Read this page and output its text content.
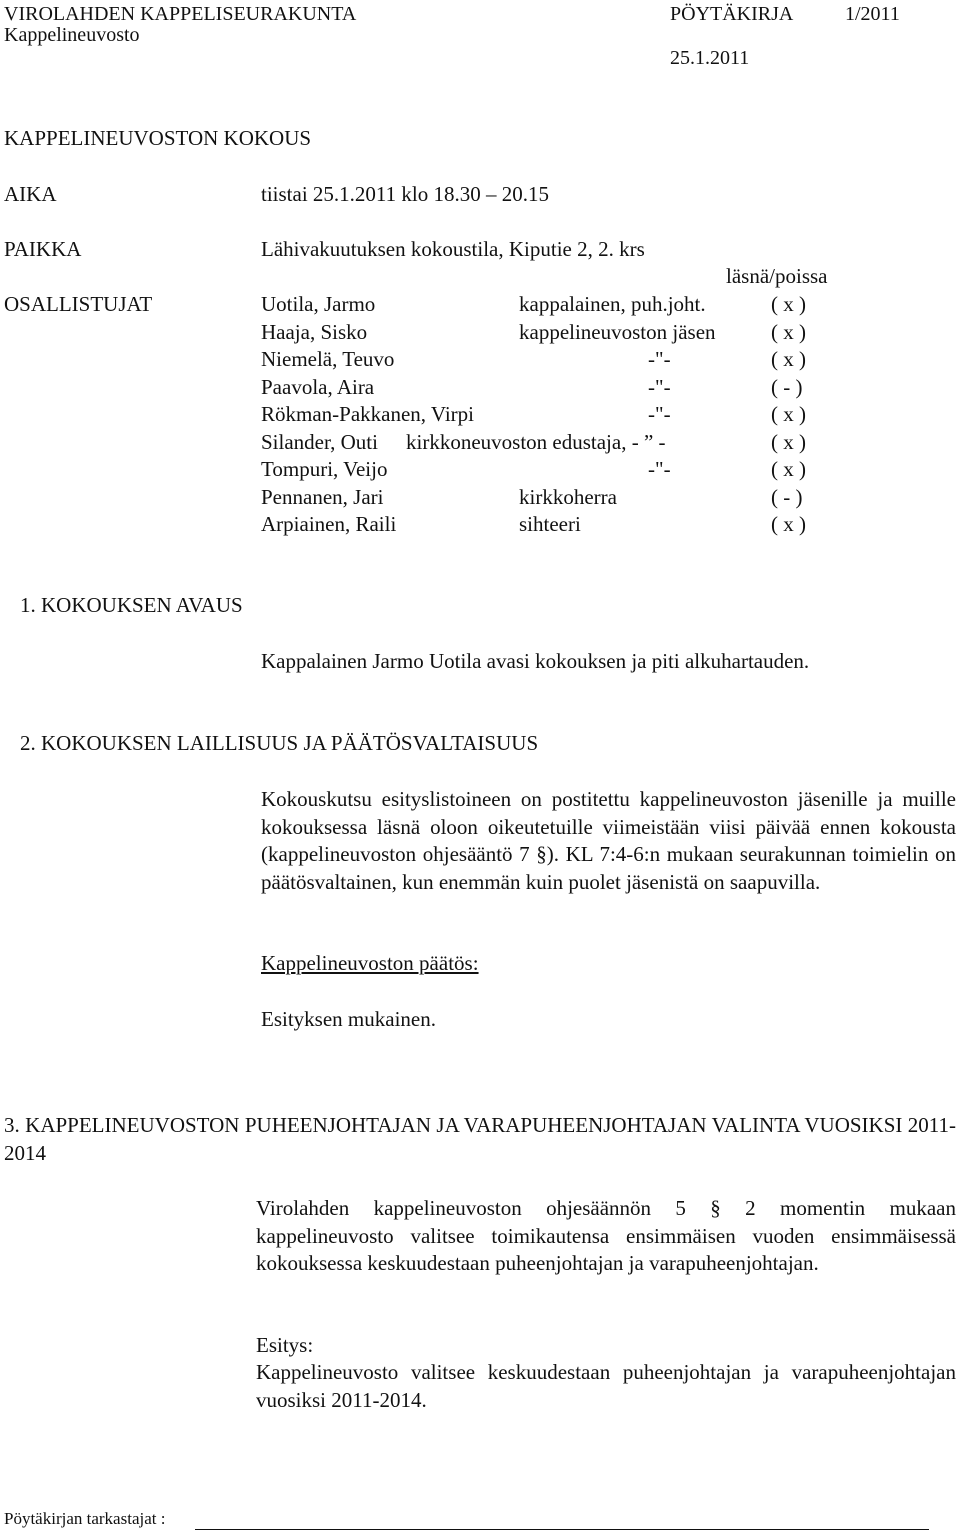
VIROLAHDEN KAPPELISEURAKUNTA
Kappelineuvosto
PÖYTÄKIRJA	1/2011
25.1.2011
KAPPELINEUVOSTON KOKOUS
AIKA	tiistai 25.1.2011 klo 18.30 – 20.15
PAIKKA	Lähivakuutuksen kokoustila, Kiputie 2, 2. krs
läsnä/poissa
OSALLISTUJAT	Uotila, Jarmo	kappalainen, puh.joht.	( x )
Haaja, Sisko	kappelineuvoston jäsen	( x )
Niemelä, Teuvo	-"-	( x )
Paavola, Aira	-"-	( - )
Rökman-Pakkanen, Virpi	-"-	( x )
Silander, Outi kirkkoneuvoston edustaja, - ” -	( x )
Tompuri, Veijo	-"-	( x )
Pennanen, Jari	kirkkoherra	( - )
Arpiainen, Raili	sihteeri	( x )
1. KOKOUKSEN AVAUS
Kappalainen Jarmo Uotila avasi kokouksen ja piti alkuhartauden.
2. KOKOUKSEN LAILLISUUS JA PÄÄTÖSVALTAISUUS
Kokouskutsu esityslistoineen on postitettu kappelineuvoston jäsenille ja muille kokouksessa läsnä oloon oikeutetuille viimeistään viisi päivää ennen kokousta (kappelineuvoston ohjesääntö 7 §). KL 7:4-6:n mukaan seurakunnan toimielin on päätösvaltainen, kun enemmän kuin puolet jäsenistä on saapuvilla.
Kappelineuvoston päätös:
Esityksen mukainen.
3. KAPPELINEUVOSTON PUHEENJOHTAJAN JA VARAPUHEENJOHTAJAN VALINTA VUOSIKSI 2011-2014
Virolahden kappelineuvoston ohjesäännön 5 § 2 momentin mukaan kappelineuvosto valitsee toimikautensa ensimmäisen vuoden ensimmäisessä kokouksessa keskuudestaan puheenjohtajan ja varapuheenjohtajan.
Esitys:
Kappelineuvosto valitsee keskuudestaan puheenjohtajan ja varapuheenjohtajan vuosiksi 2011-2014.
Pöytäkirjan tarkastajat :
